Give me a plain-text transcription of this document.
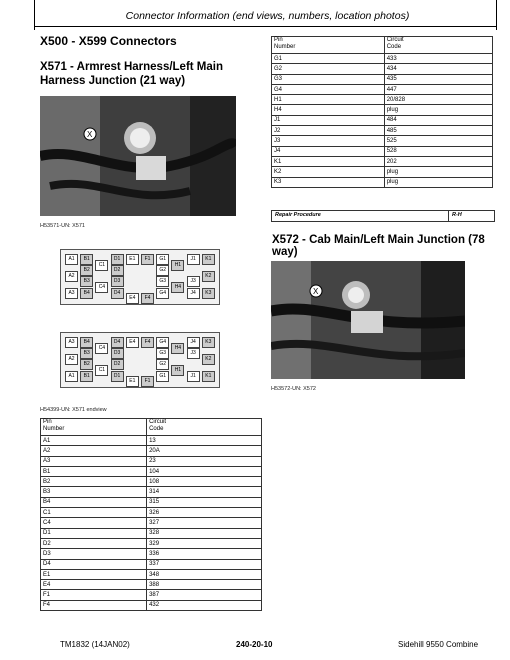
Connector Information (end views, numbers, location photos)
X500 - X599 Connectors
X571 - Armrest Harness/Left Main Harness Junction (21 way)
X
H53571-UN: X571
A1	B1	D1	E1	F1	G1	J1	K1
B2
C1
D2	G2
H1
A2	K2
B3	D3	G3	J3
C4	H4
A3	B4	D4	G4	J4	K3
E4	F4
A3	B4	D4	E4	F4	G4	J4	K3
C4	H4
B3	D3	G3	J3
A2	K2
B2	D2	G2
C1	H1
A1	B1	D1	G1	J1	K1
E1	F1
H54399-UN: X571 endview
Pin
Number	Circuit
Code
A1	13
A2	20A
A3	23
B1	104
B2	108
B3	314
B4	315
C1	326
C4	327
D1	328
D2	329
D3	336
D4	337
E1	348
E4	388
F1	387
F4	432
Pin
Number	Circuit
Code
G1	433
G2	434
G3	435
G4	447
H1	20/828
H4	plug
J1	484
J2	485
J3	525
J4	528
K1	202
K2	plug
K3	plug
Repair Procedure	R-H
X572 - Cab Main/Left Main Junction (78 way)
X
H53572-UN: X572
TM1832 (14JAN02)	240-20-10	Sidehill 9550 Combine
